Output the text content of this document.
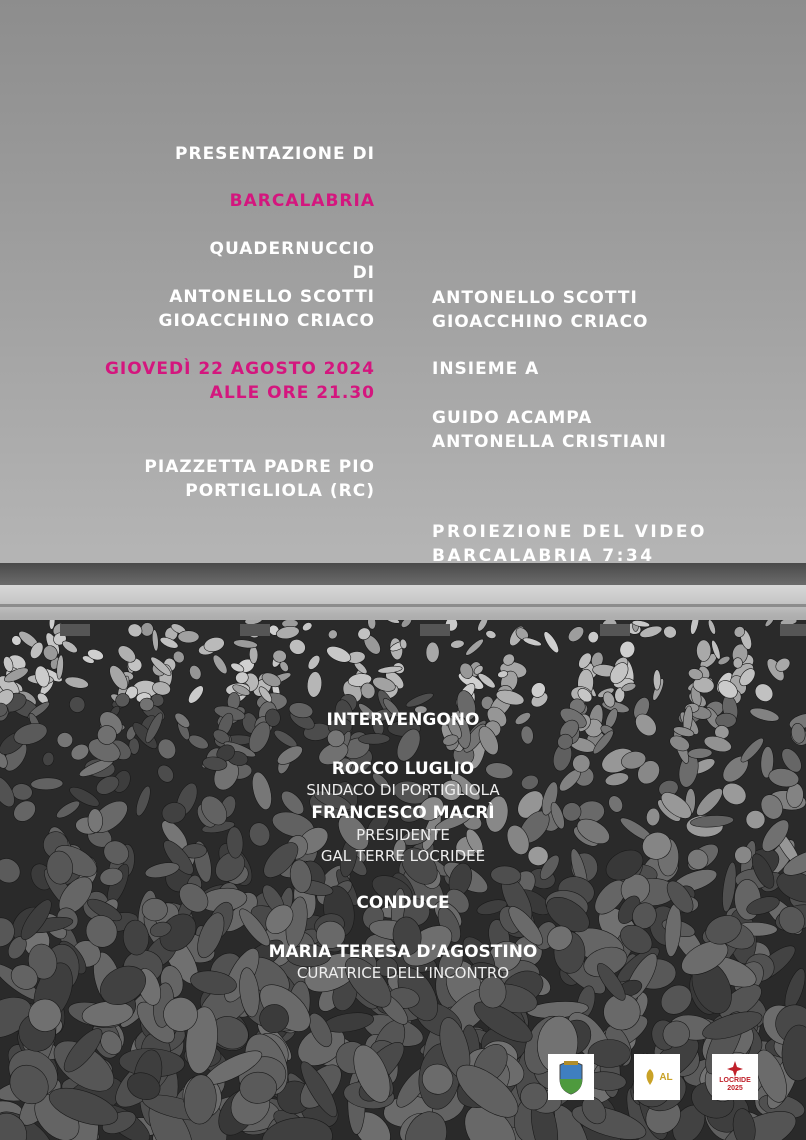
PRESENTAZIONE DI
BARCALABRIA
QUADERNUCCIO
DI
ANTONELLO SCOTTI
GIOACCHINO CRIACO
GIOVEDÌ 22 AGOSTO 2024
ALLE ORE 21.30
PIAZZETTA PADRE PIO
PORTIGLIOLA (RC)
ANTONELLO SCOTTI
GIOACCHINO CRIACO
INSIEME A
GUIDO ACAMPA
ANTONELLA CRISTIANI
PROIEZIONE DEL VIDEO
BARCALABRIA 7:34
INTERVENGONO
ROCCO LUGLIO
SINDACO DI PORTIGLIOLA
FRANCESCO MACRÌ
PRESIDENTE
GAL TERRE LOCRIDEE
CONDUCE
MARIA TERESA D’AGOSTINO
CURATRICE DELL’INCONTRO
AL	LOCRIDE
2025
